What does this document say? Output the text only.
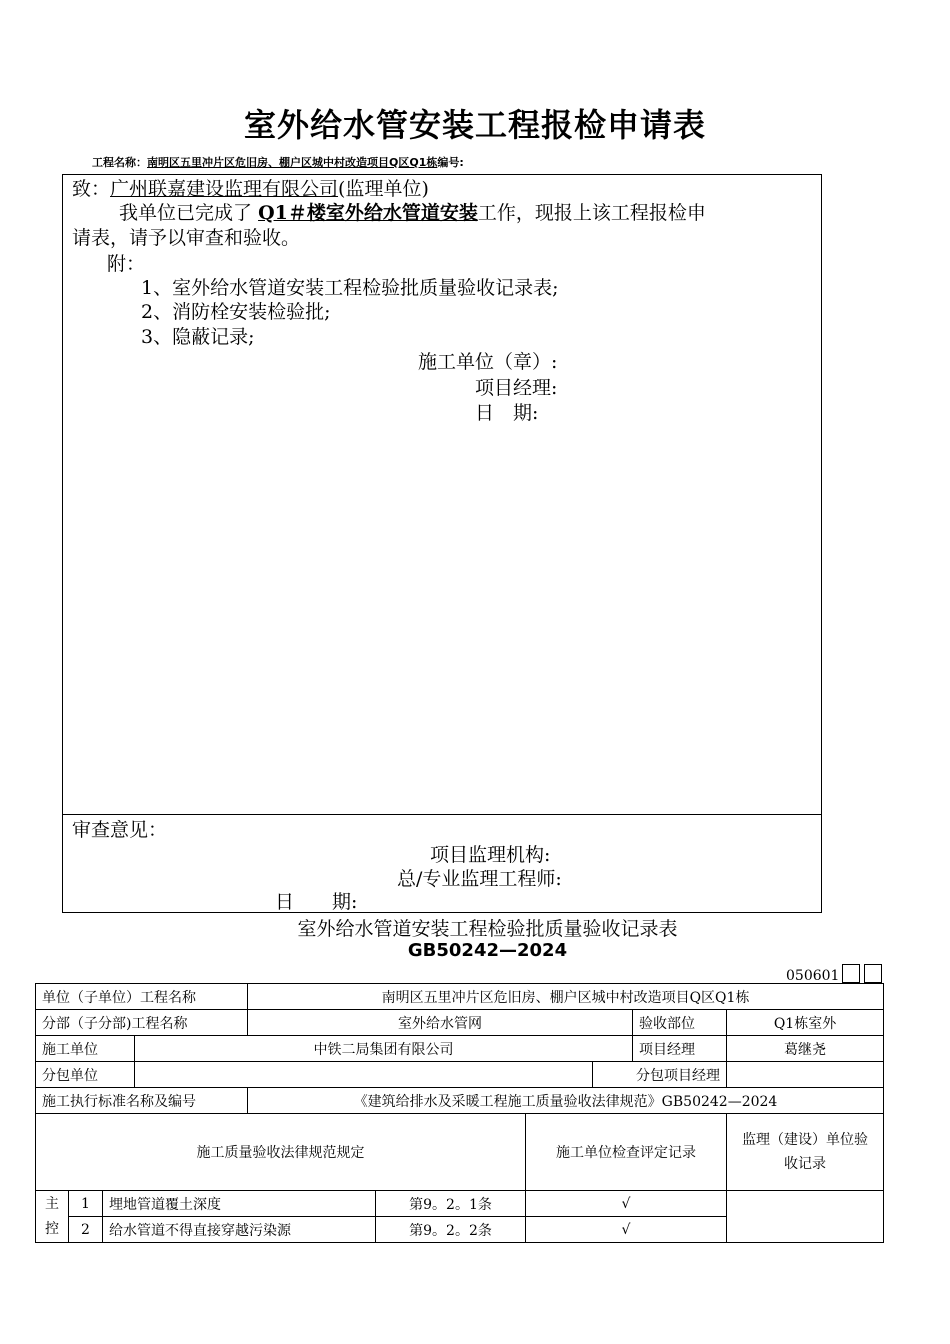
室外给水管安装工程报检申请表
工程名称：南明区五里冲片区危旧房、棚户区城中村改造项目Q区Q1栋编号:
致：广州联嘉建设监理有限公司(监理单位)
我单位已完成了 Q1＃楼室外给水管道安装工作，现报上该工程报检申
请表，请予以审查和验收。
附：
1、室外给水管道安装工程检验批质量验收记录表;
2、消防栓安装检验批;
3、隐蔽记录;
施工单位（章）:
项目经理:
日　期:
审查意见：
项目监理机构:
总/专业监理工程师:
日　　期:
室外给水管道安装工程检验批质量验收记录表
GB50242—2024
050601
单位（子单位）工程名称				南明区五里冲片区危旧房、棚户区城中村改造项目Q区Q1栋					
分部（子分部)工程名称				室外给水管网				验收部位	Q1栋室外
施工单位			中铁二局集团有限公司					项目经理	葛继尧
分包单位							分包项目经理		
施工执行标准名称及编号				《建筑给排水及采暖工程施工质量验收法律规范》GB50242—2024					
施工质量验收法律规范规定						施工单位检查评定记录			监理（建设）单位验收记录
主控	1	埋地管道覆土深度			第9。2。1条	√			
	2	给水管道不得直接穿越污染源			第9。2。2条	√			
